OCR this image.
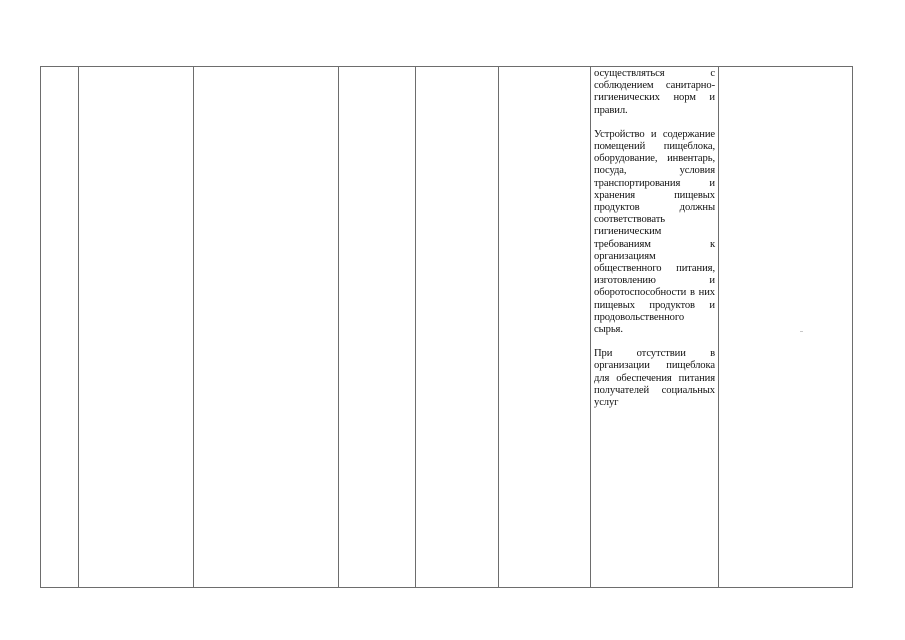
осуществляться с соблюдением санитарно-гигиенических норм и правил.

Устройство и содержание помещений пищеблока, оборудование, инвентарь, посуда, условия транспортирования и хранения пищевых продуктов должны соответствовать гигиеническим требованиям к организациям общественного питания, изготовлению и оборотоспособности в них пищевых продуктов и продовольственного сырья.

При отсутствии в организации пищеблока для обеспечения питания получателей социальных услуг
